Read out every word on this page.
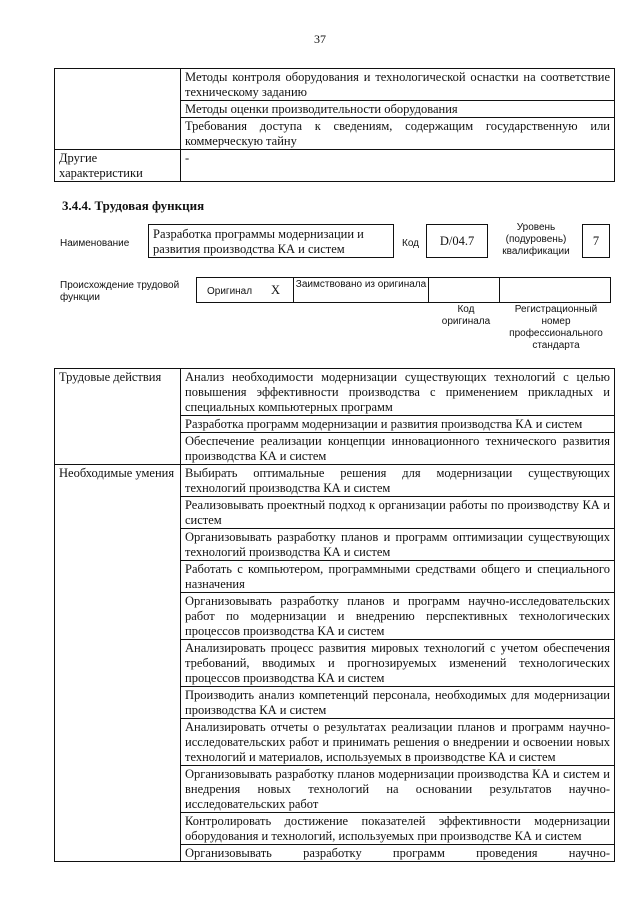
37
	Методы контроля оборудования и технологической оснастки на соответствие техническому заданию
	Методы оценки производительности оборудования
	Требования доступа к сведениям, содержащим государственную или коммерческую тайну
Другие характеристики	-
3.4.4. Трудовая функция
Наименование
Разработка программы модернизации и развития производства КА и систем	Код	D/04.7
Уровень (подуровень) квалификации
7
Происхождение трудовой функции
Оригинал X Заимствовано из оригинала
Код оригинала
Регистрационный номер профессионального стандарта
Трудовые действия	Анализ необходимости модернизации существующих технологий с целью повышения эффективности производства с применением прикладных и специальных компьютерных программ
	Разработка программ модернизации и развития производства КА и систем
	Обеспечение реализации концепции инновационного технического развития производства КА и систем
Необходимые умения	Выбирать оптимальные решения для модернизации существующих технологий производства КА и систем
	Реализовывать проектный подход к организации работы по производству КА и систем
	Организовывать разработку планов и программ оптимизации существующих технологий производства КА и систем
	Работать с компьютером, программными средствами общего и специального назначения
	Организовывать разработку планов и программ научно-исследовательских работ по модернизации и внедрению перспективных технологических процессов производства КА и систем
	Анализировать процесс развития мировых технологий с учетом обеспечения требований, вводимых и прогнозируемых изменений технологических процессов производства КА и систем
	Производить анализ компетенций персонала, необходимых для модернизации производства КА и систем
	Анализировать отчеты о результатах реализации планов и программ научно-исследовательских работ и принимать решения о внедрении и освоении новых технологий и материалов, используемых в производстве КА и систем
	Организовывать разработку планов модернизации производства КА и систем и внедрения новых технологий на основании результатов научно-исследовательских работ
	Контролировать достижение показателей эффективности модернизации оборудования и технологий, используемых при производстве КА и систем
	Организовывать разработку программ проведения научно-
